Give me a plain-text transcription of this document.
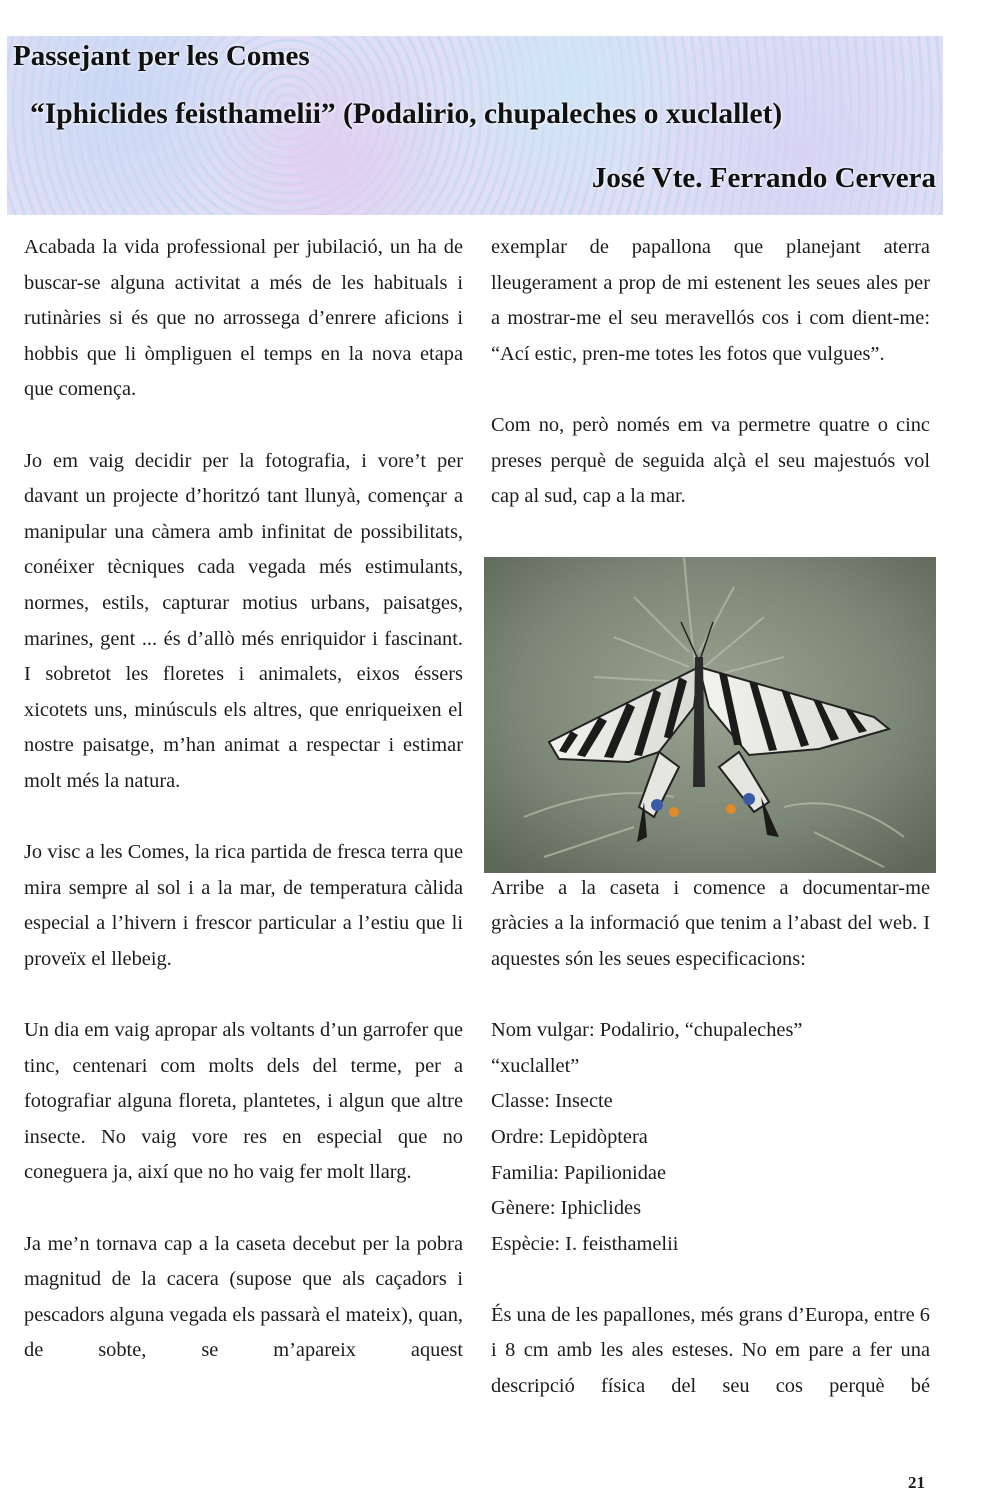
Passejant per les Comes
“Iphiclides feisthamelii” (Podalirio, chupaleches o xuclallet)
José Vte. Ferrando Cervera

Acabada la vida professional per jubilació, un ha de buscar-se alguna activitat a més de les habituals i rutinàries si és que no arrossega d’enrere aficions i hobbis que li òmpliguen el temps en la nova etapa que comença.

Jo em vaig decidir per la fotografia, i vore’t per davant un projecte d’horitzó tant llunyà, començar a manipular una càmera amb infinitat de possibilitats, conéixer tècniques cada vegada més estimulants, normes, estils, capturar motius urbans, paisatges, marines, gent ... és d’allò més enriquidor i fascinant. I sobretot les floretes i animalets, eixos éssers xicotets uns, minúsculs els altres, que enriqueixen el nostre paisatge, m’han animat a respectar i estimar molt més la natura.

Jo visc a les Comes, la rica partida de fresca terra que mira sempre al sol i a la mar, de temperatura càlida especial a l’hivern i frescor particular a l’estiu que li proveïx el llebeig.

Un dia em vaig apropar als voltants d’un garrofer que tinc, centenari com molts dels del terme, per a fotografiar alguna floreta, plantetes, i algun que altre insecte. No vaig vore res en especial que no coneguera ja, així que no ho vaig fer molt llarg.

Ja me’n tornava cap a la caseta decebut per la pobra magnitud de la cacera (supose que als caçadors i pescadors alguna vegada els passarà el mateix), quan, de sobte, se m’apareix aquest

exemplar de papallona que planejant aterra lleugerament a prop de mi estenent les seues ales per a mostrar-me el seu meravellós cos i com dient-me: “Ací estic, pren-me totes les fotos que vulgues”.

Com no, però només em va permetre quatre o cinc preses perquè de seguida alçà el seu majestuós vol cap al sud, cap a la mar.

Arribe a la caseta i comence a documentar-me gràcies a la informació que tenim a l’abast del web. I aquestes són les seues especificacions:

Nom vulgar: Podalirio, “chupaleches”
“xuclallet”
Classe: Insecte
Ordre: Lepidòptera
Familia: Papilionidae
Gènere: Iphiclides
Espècie: I. feisthamelii

És una de les papallones, més grans d’Europa, entre 6 i 8 cm amb les ales esteses. No em pare a fer una descripció física del seu cos perquè bé

21
